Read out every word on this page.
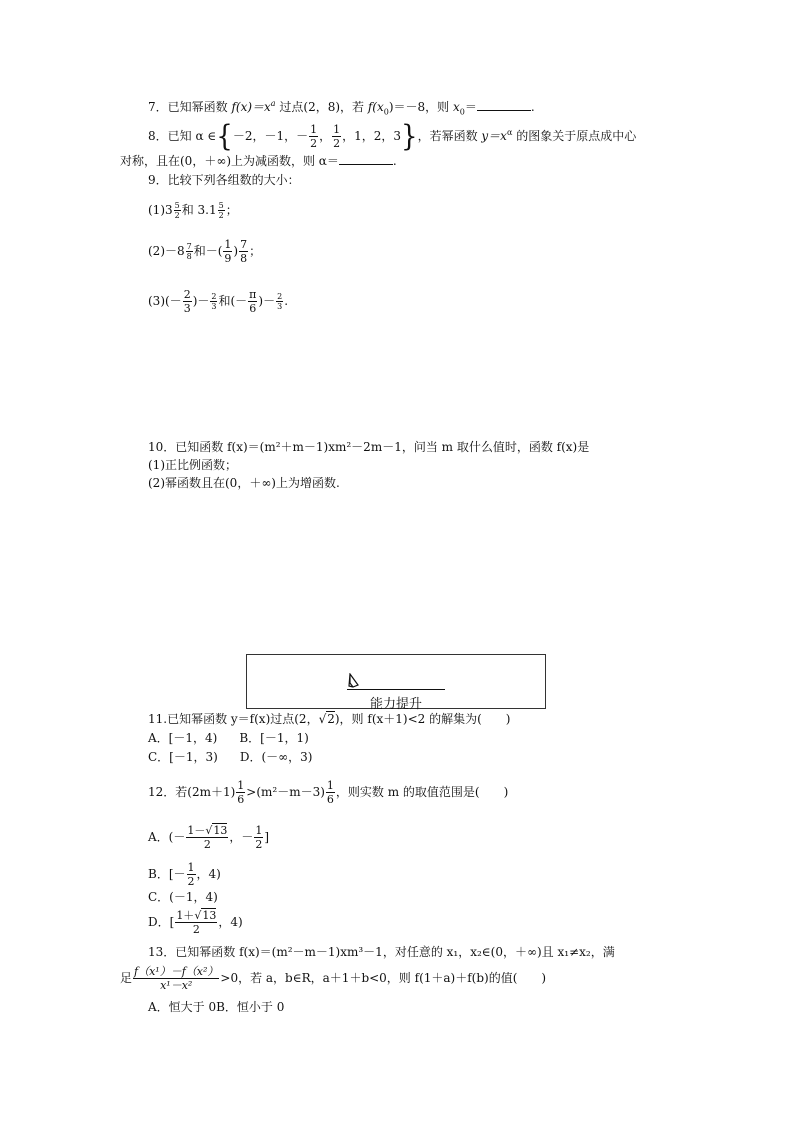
7．已知幂函数 $f(x)=x^a$ 过点(2，8)，若 $f(x_0)=-8$，则 $x_0=$	.
8．已知 α ∈{－2，－1，－ $\frac{1}{2}$ ， $\frac{1}{2}$ ，1，2，3}，若幂函数 $y=x^\alpha$ 的图象关于原点成中心
对称，且在(0，＋∞)上为减函数，则 α＝	.
9．比较下列各组数的大小：
$(1)3 \frac{5}{2}$ 和 $3.1 \frac{5}{2}$ ；
$(2)-8 \frac{7}{8}$ 和－( $\frac{1}{9}$ ) $\frac{7}{8}$ ；
$(3)(- \frac{2}{3}$ )－ $\frac{2}{3}$ 和(－ $\frac{\pi}{6}$ )－ $\frac{2}{3}$ .
10．已知函数 f(x)＝(m²＋m－1)xm²－2m－1，问当 m 取什么值时，函数 f(x)是
(1)正比例函数；
(2)幂函数且在(0，＋∞)上为增函数.
能力提升
11.已知幂函数 y＝f(x)过点(2，√2)，则 f(x＋1)<2 的解集为(　　)
A．[－1，4) B．[－1，1)
C．[－1，3) D．(－∞，3)
12．若$(2m+1) \frac{1}{6} >(m^2-m-3) \frac{1}{6}$ ，则实数 m 的取值范围是(　　)
A．(－ $\frac{1-√13}{2}$ ，－ $\frac{1}{2}$ ]
B．[－ $\frac{1}{2}$ ，4)
C．(－1，4)
D．[ $\frac{1+√13}{2}$ ，4)
13．已知幂函数 f(x)＝(m²－m－1)xm³－1，对任意的 x₁，x₂∈(0，＋∞)且 x₁≠x₂，满
足 $\frac{\text{f（x¹）－f（x²）}}{\text{x¹－x²}} >0$，若 a，b∈R，a＋1＋b<0，则 f(1＋a)＋f(b)的值(　　)
A．恒大于 0B．恒小于 0
